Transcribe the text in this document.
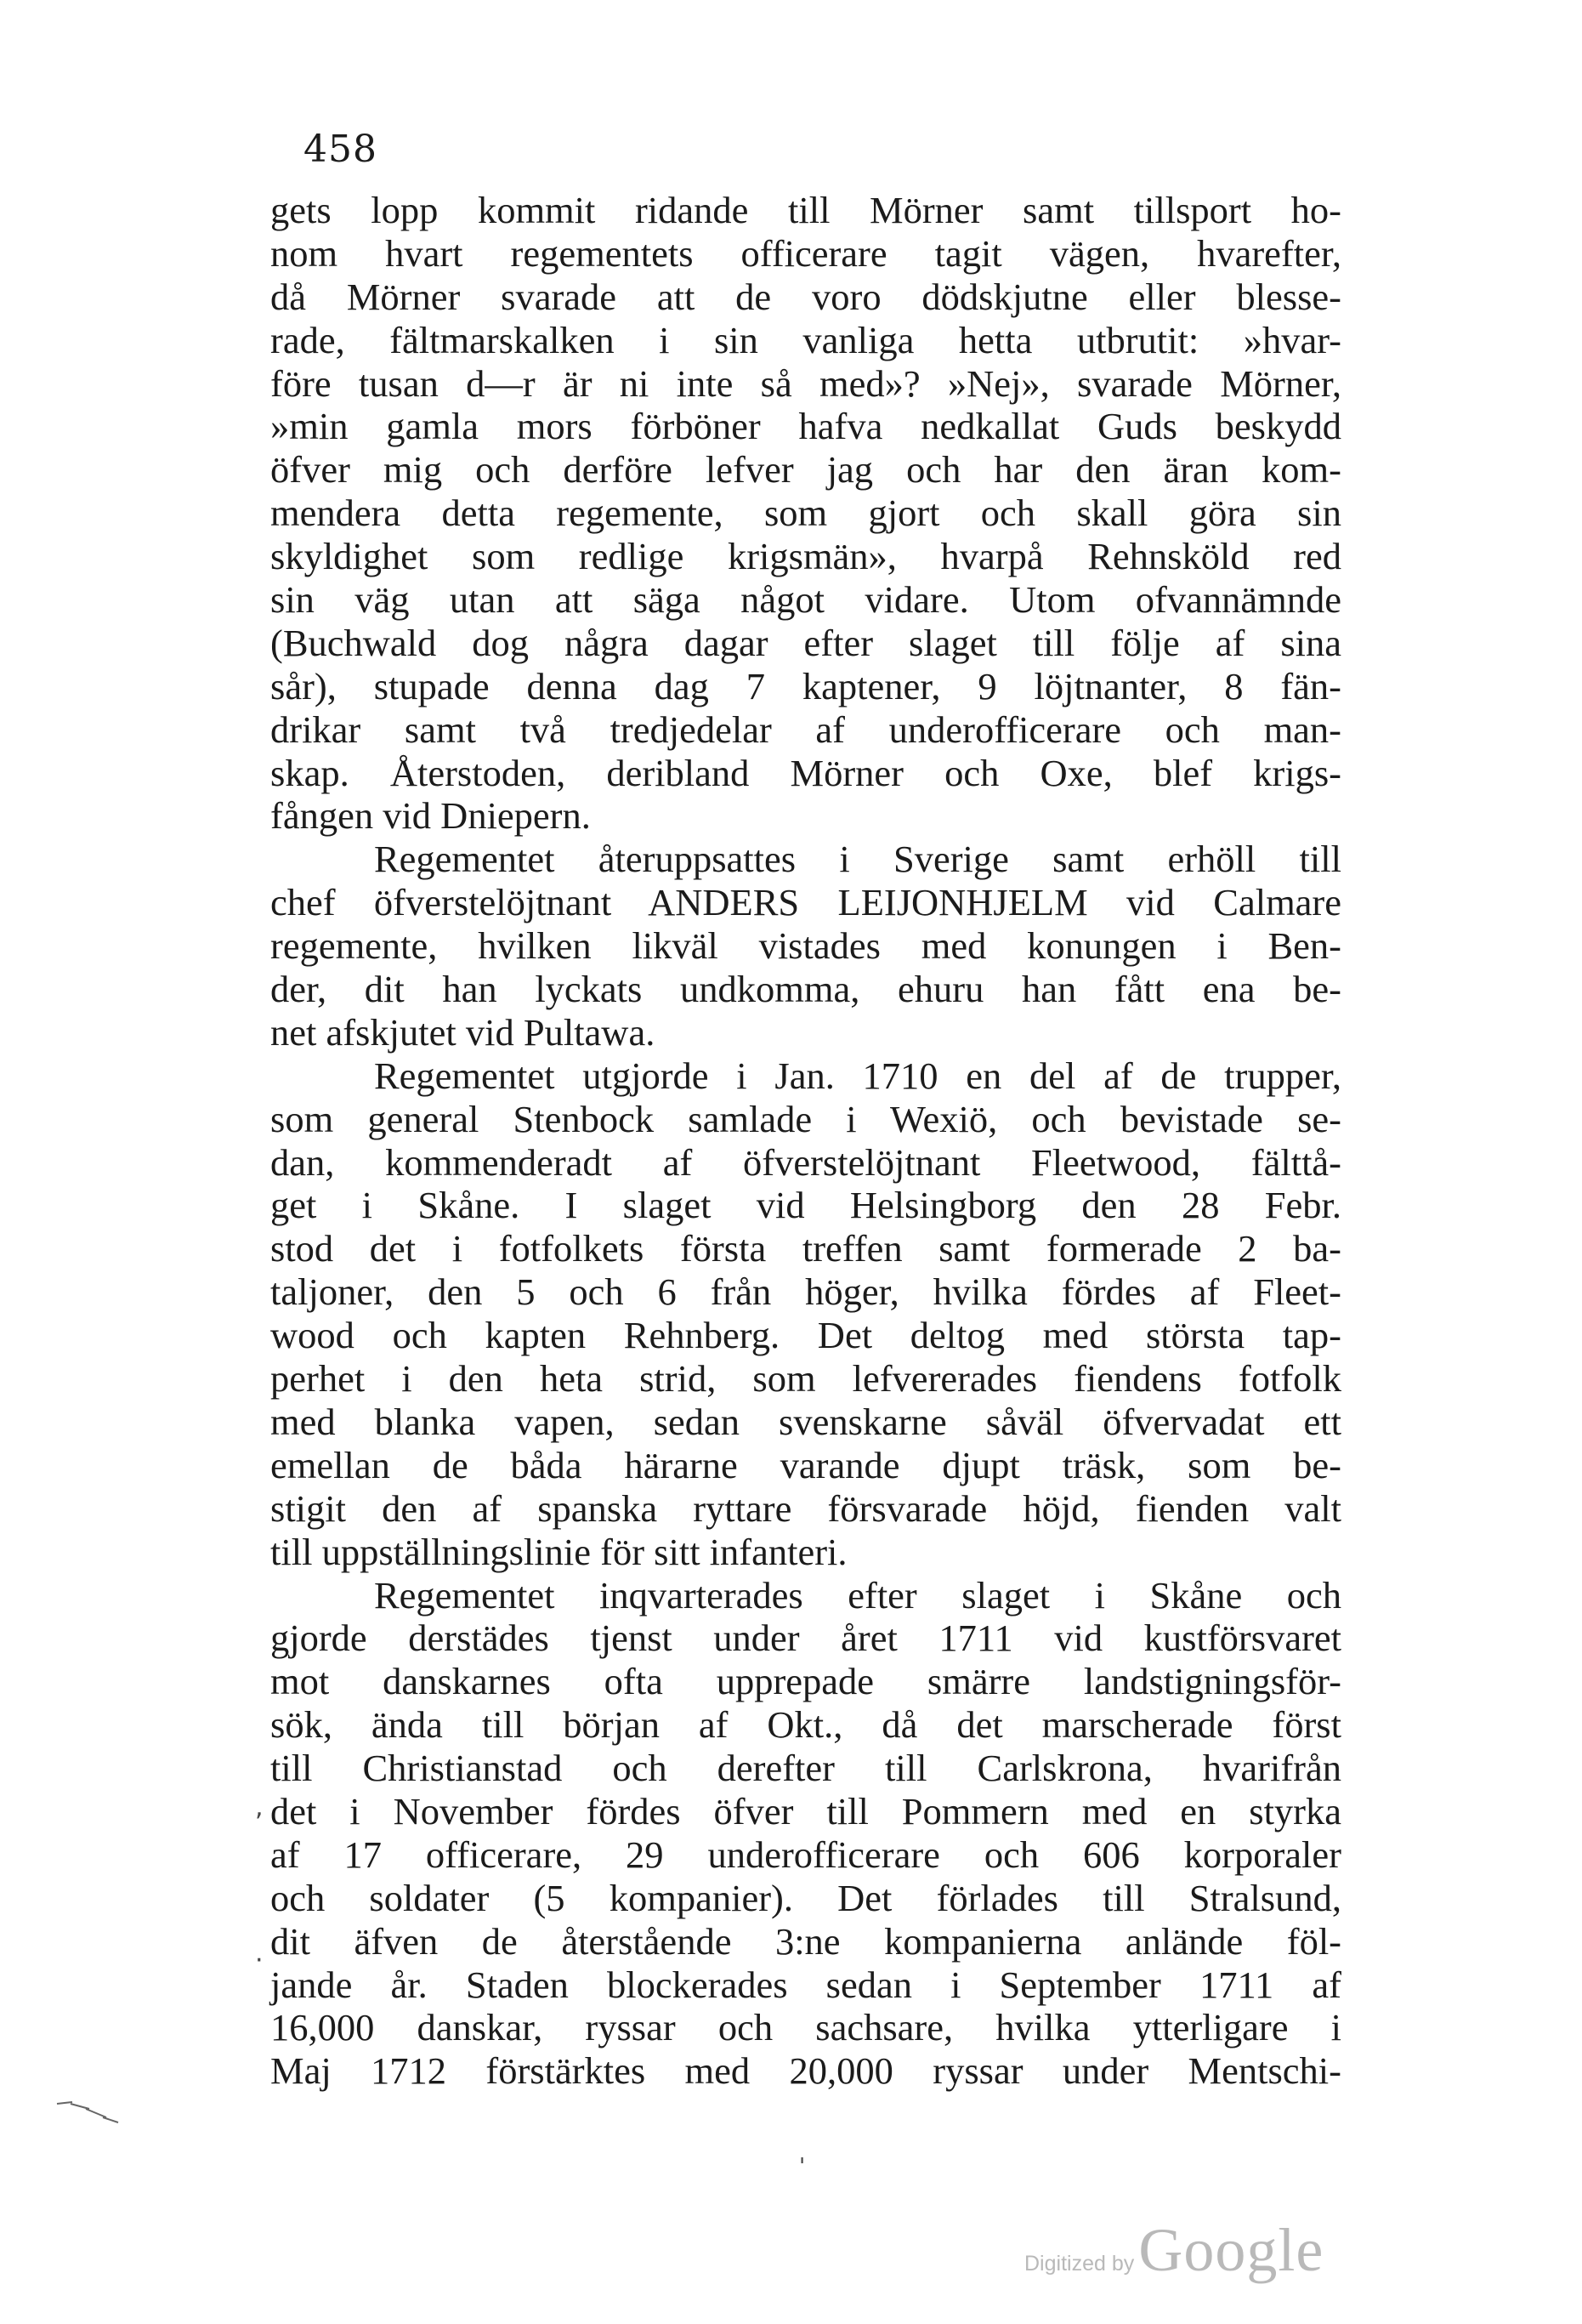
458
gets lopp kommit ridande till Mörner samt tillsport ho-
nom hvart regementets officerare tagit vägen, hvarefter,
då Mörner svarade att de voro dödskjutne eller blesse-
rade, fältmarskalken i sin vanliga hetta utbrutit: »hvar-
före tusan d—r är ni inte så med»? »Nej», svarade Mörner,
»min gamla mors förböner hafva nedkallat Guds beskydd
öfver mig och derföre lefver jag och har den äran kom-
mendera detta regemente, som gjort och skall göra sin
skyldighet som redlige krigsmän», hvarpå Rehnsköld red
sin väg utan att säga något vidare. Utom ofvannämnde
(Buchwald dog några dagar efter slaget till följe af sina
sår), stupade denna dag 7 kaptener, 9 löjtnanter, 8 fän-
drikar samt två tredjedelar af underofficerare och man-
skap. Återstoden, deribland Mörner och Oxe, blef krigs-
fången vid Dniepern.
Regementet återuppsattes i Sverige samt erhöll till
chef öfverstelöjtnant ANDERS LEIJONHJELM vid Calmare
regemente, hvilken likväl vistades med konungen i Ben-
der, dit han lyckats undkomma, ehuru han fått ena be-
net afskjutet vid Pultawa.
Regementet utgjorde i Jan. 1710 en del af de trupper,
som general Stenbock samlade i Wexiö, och bevistade se-
dan, kommenderadt af öfverstelöjtnant Fleetwood, fälttå-
get i Skåne. I slaget vid Helsingborg den 28 Febr.
stod det i fotfolkets första treffen samt formerade 2 ba-
taljoner, den 5 och 6 från höger, hvilka fördes af Fleet-
wood och kapten Rehnberg. Det deltog med största tap-
perhet i den heta strid, som lefvererades fiendens fotfolk
med blanka vapen, sedan svenskarne såväl öfvervadat ett
emellan de båda härarne varande djupt träsk, som be-
stigit den af spanska ryttare försvarade höjd, fienden valt
till uppställningslinie för sitt infanteri.
Regementet inqvarterades efter slaget i Skåne och
gjorde derstädes tjenst under året 1711 vid kustförsvaret
mot danskarnes ofta upprepade smärre landstigningsför-
sök, ända till början af Okt., då det marscherade först
till Christianstad och derefter till Carlskrona, hvarifrån
det i November fördes öfver till Pommern med en styrka
af 17 officerare, 29 underofficerare och 606 korporaler
och soldater (5 kompanier). Det förlades till Stralsund,
dit äfven de återstående 3:ne kompanierna anlände föl-
jande år. Staden blockerades sedan i September 1711 af
16,000 danskar, ryssar och sachsare, hvilka ytterligare i
Maj 1712 förstärktes med 20,000 ryssar under Mentschi-
,
·
'
Digitized by Google
